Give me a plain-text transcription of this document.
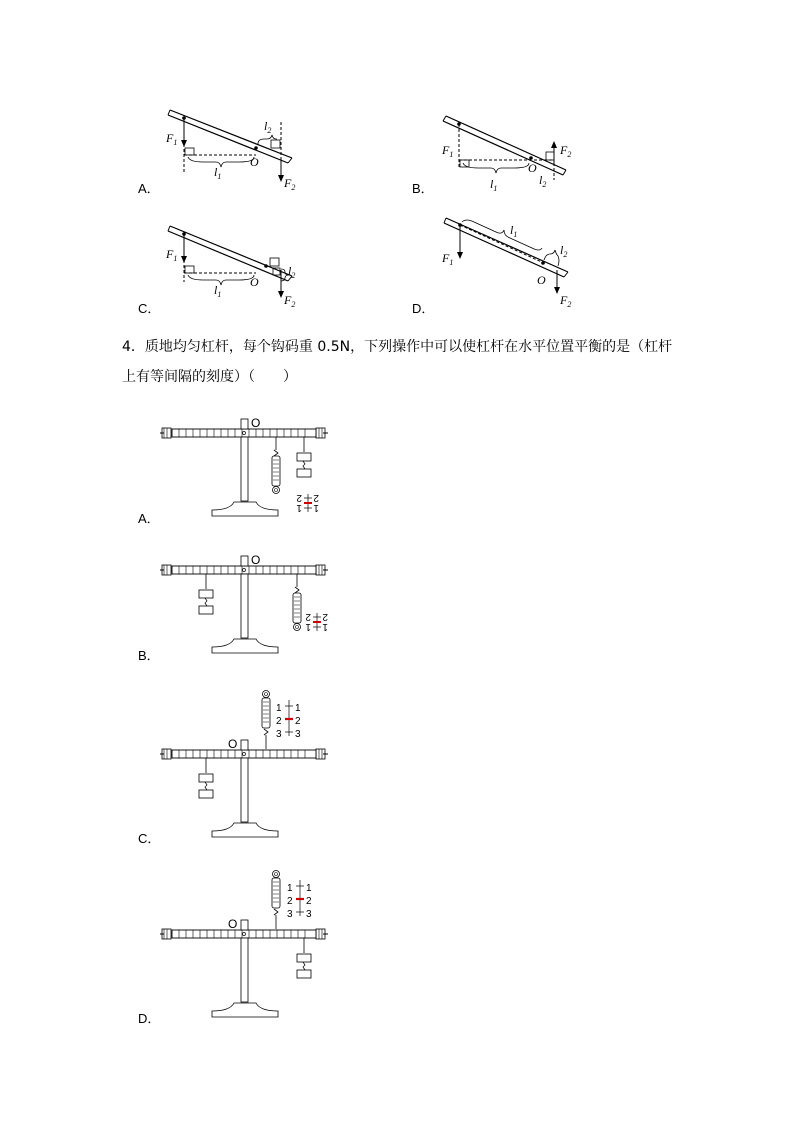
$F_1$
$l_1$
$l_2$
O
$F_2$
A．
$F_1$
$l_1$
$l_2$
O
$F_2$
B．
$F_1$
$l_1$
$l_2$
O
$F_2$
C．
$F_1$
$l_1$
$l_2$
O
$F_2$
D．
4．质地均匀杠杆，每个钩码重 0.5N，下列操作中可以使杠杆在水平位置平衡的是（杠杆上有等间隔的刻度）（　　）
O
1
1
2
2
A．
O
1
1
2
2
B．
1 1
2 2
3 3
O
C．
1 1
2 2
3 3
O
D．
